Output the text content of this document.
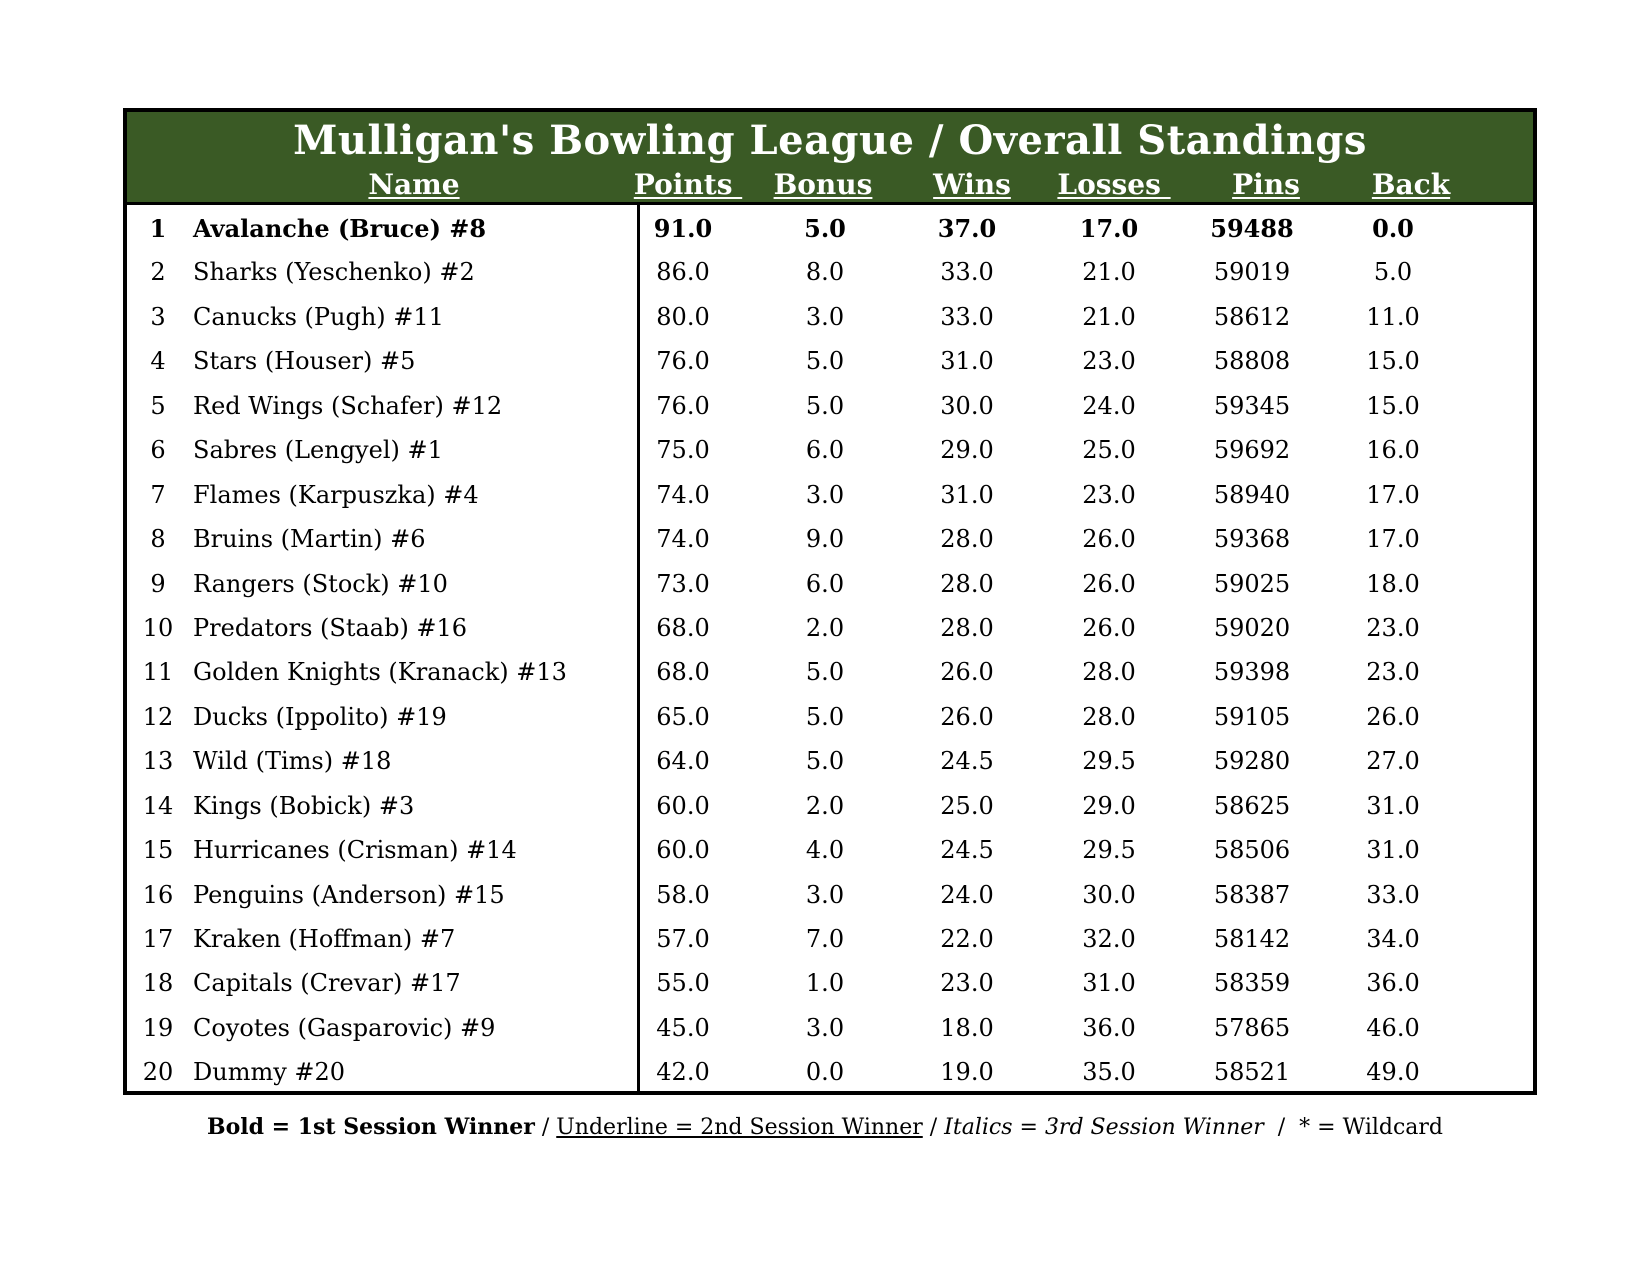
Mulligan's Bowling League / Overall Standings
Name	Points Bonus Wins Losses Pins	Back
1 Avalanche (Bruce) #8	91.0	5.0	37.0	17.0	59488	0.0
2 Sharks (Yeschenko) #2	86.0	8.0	33.0	21.0	59019	5.0
3 Canucks (Pugh) #11	80.0	3.0	33.0	21.0	58612	11.0
4 Stars (Houser) #5	76.0	5.0	31.0	23.0	58808	15.0
5 Red Wings (Schafer) #12	76.0	5.0	30.0	24.0	59345	15.0
6 Sabres (Lengyel) #1	75.0	6.0	29.0	25.0	59692	16.0
7 Flames (Karpuszka) #4	74.0	3.0	31.0	23.0	58940	17.0
8 Bruins (Martin) #6	74.0	9.0	28.0	26.0	59368	17.0
9 Rangers (Stock) #10	73.0	6.0	28.0	26.0	59025	18.0
10 Predators (Staab) #16	68.0	2.0	28.0	26.0	59020	23.0
11 Golden Knights (Kranack) #13	68.0	5.0	26.0	28.0	59398	23.0
12 Ducks (Ippolito) #19	65.0	5.0	26.0	28.0	59105	26.0
13 Wild (Tims) #18	64.0	5.0	24.5	29.5	59280	27.0
14 Kings (Bobick) #3	60.0	2.0	25.0	29.0	58625	31.0
15 Hurricanes (Crisman) #14	60.0	4.0	24.5	29.5	58506	31.0
16 Penguins (Anderson) #15	58.0	3.0	24.0	30.0	58387	33.0
17 Kraken (Hoffman) #7	57.0	7.0	22.0	32.0	58142	34.0
18 Capitals (Crevar) #17	55.0	1.0	23.0	31.0	58359	36.0
19 Coyotes (Gasparovic) #9	45.0	3.0	18.0	36.0	57865	46.0
20 Dummy #20	42.0	0.0	19.0	35.0	58521	49.0
Bold = 1st Session Winner / Underline = 2nd Session Winner / Italics = 3rd Session Winner  /  * = Wildcard
